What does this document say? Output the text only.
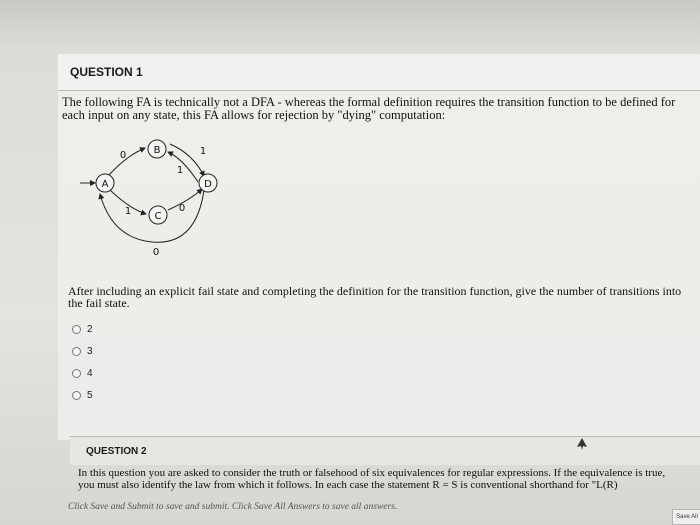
QUESTION 1
The following FA is technically not a DFA - whereas the formal definition requires the transition function to be defined for each input on any state, this FA allows for rejection by "dying" computation:
A
B
C
D
0	1
1
1	0
0
After including an explicit fail state and completing the definition for the transition function, give the number of transitions into the fail state.
2
3
4
5
QUESTION 2
In this question you are asked to consider the truth or falsehood of six equivalences for regular expressions. If the equivalence is true, you must also identify the law from which it follows. In each case the statement R = S is conventional shorthand for "L(R)
Click Save and Submit to save and submit. Click Save All Answers to save all answers.
Save All
